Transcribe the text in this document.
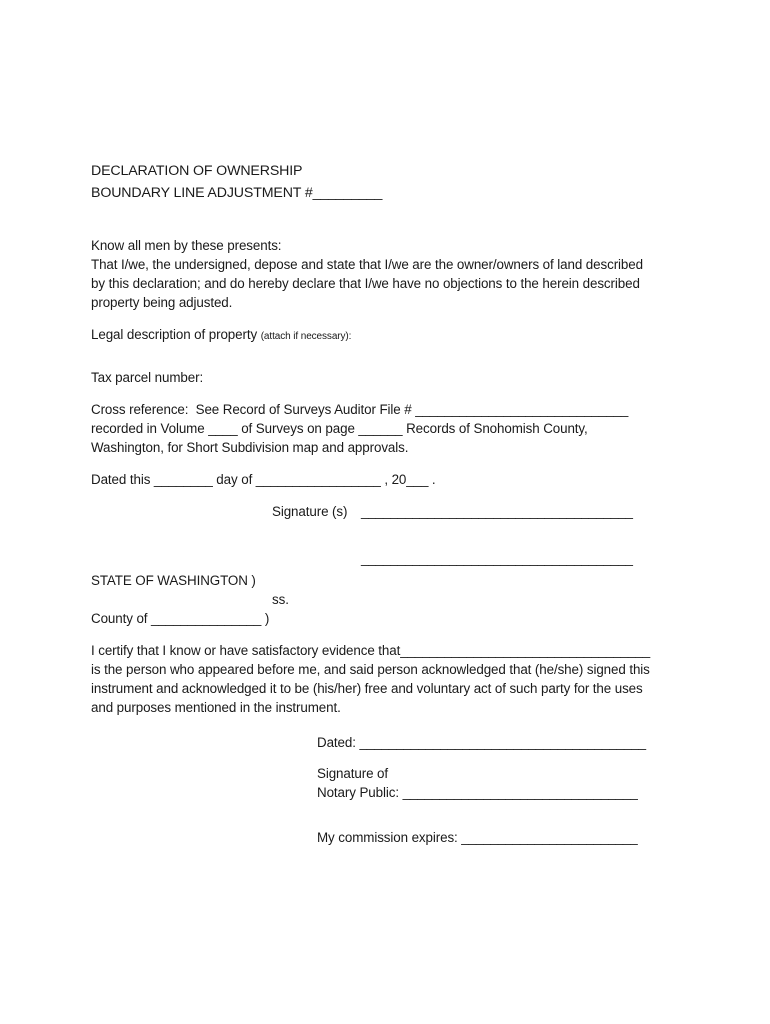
DECLARATION OF OWNERSHIP
BOUNDARY LINE ADJUSTMENT #_________
Know all men by these presents:
That I/we, the undersigned, depose and state that I/we are the owner/owners of land described
by this declaration; and do hereby declare that I/we have no objections to the herein described
property being adjusted.
Legal description of property (attach if necessary):
Tax parcel number:
Cross reference:  See Record of Surveys Auditor File # _____________________________
recorded in Volume ____ of Surveys on page ______ Records of Snohomish County,
Washington, for Short Subdivision map and approvals.
Dated this ________ day of _________________ , 20___ .
Signature (s) _____________________________________
_____________________________________
STATE OF WASHINGTON )
ss.
County of _______________ )
I certify that I know or have satisfactory evidence that__________________________________
is the person who appeared before me, and said person acknowledged that (he/she) signed this
instrument and acknowledged it to be (his/her) free and voluntary act of such party for the uses
and purposes mentioned in the instrument.
Dated: _______________________________________
Signature of
Notary Public: ________________________________
My commission expires: ________________________
